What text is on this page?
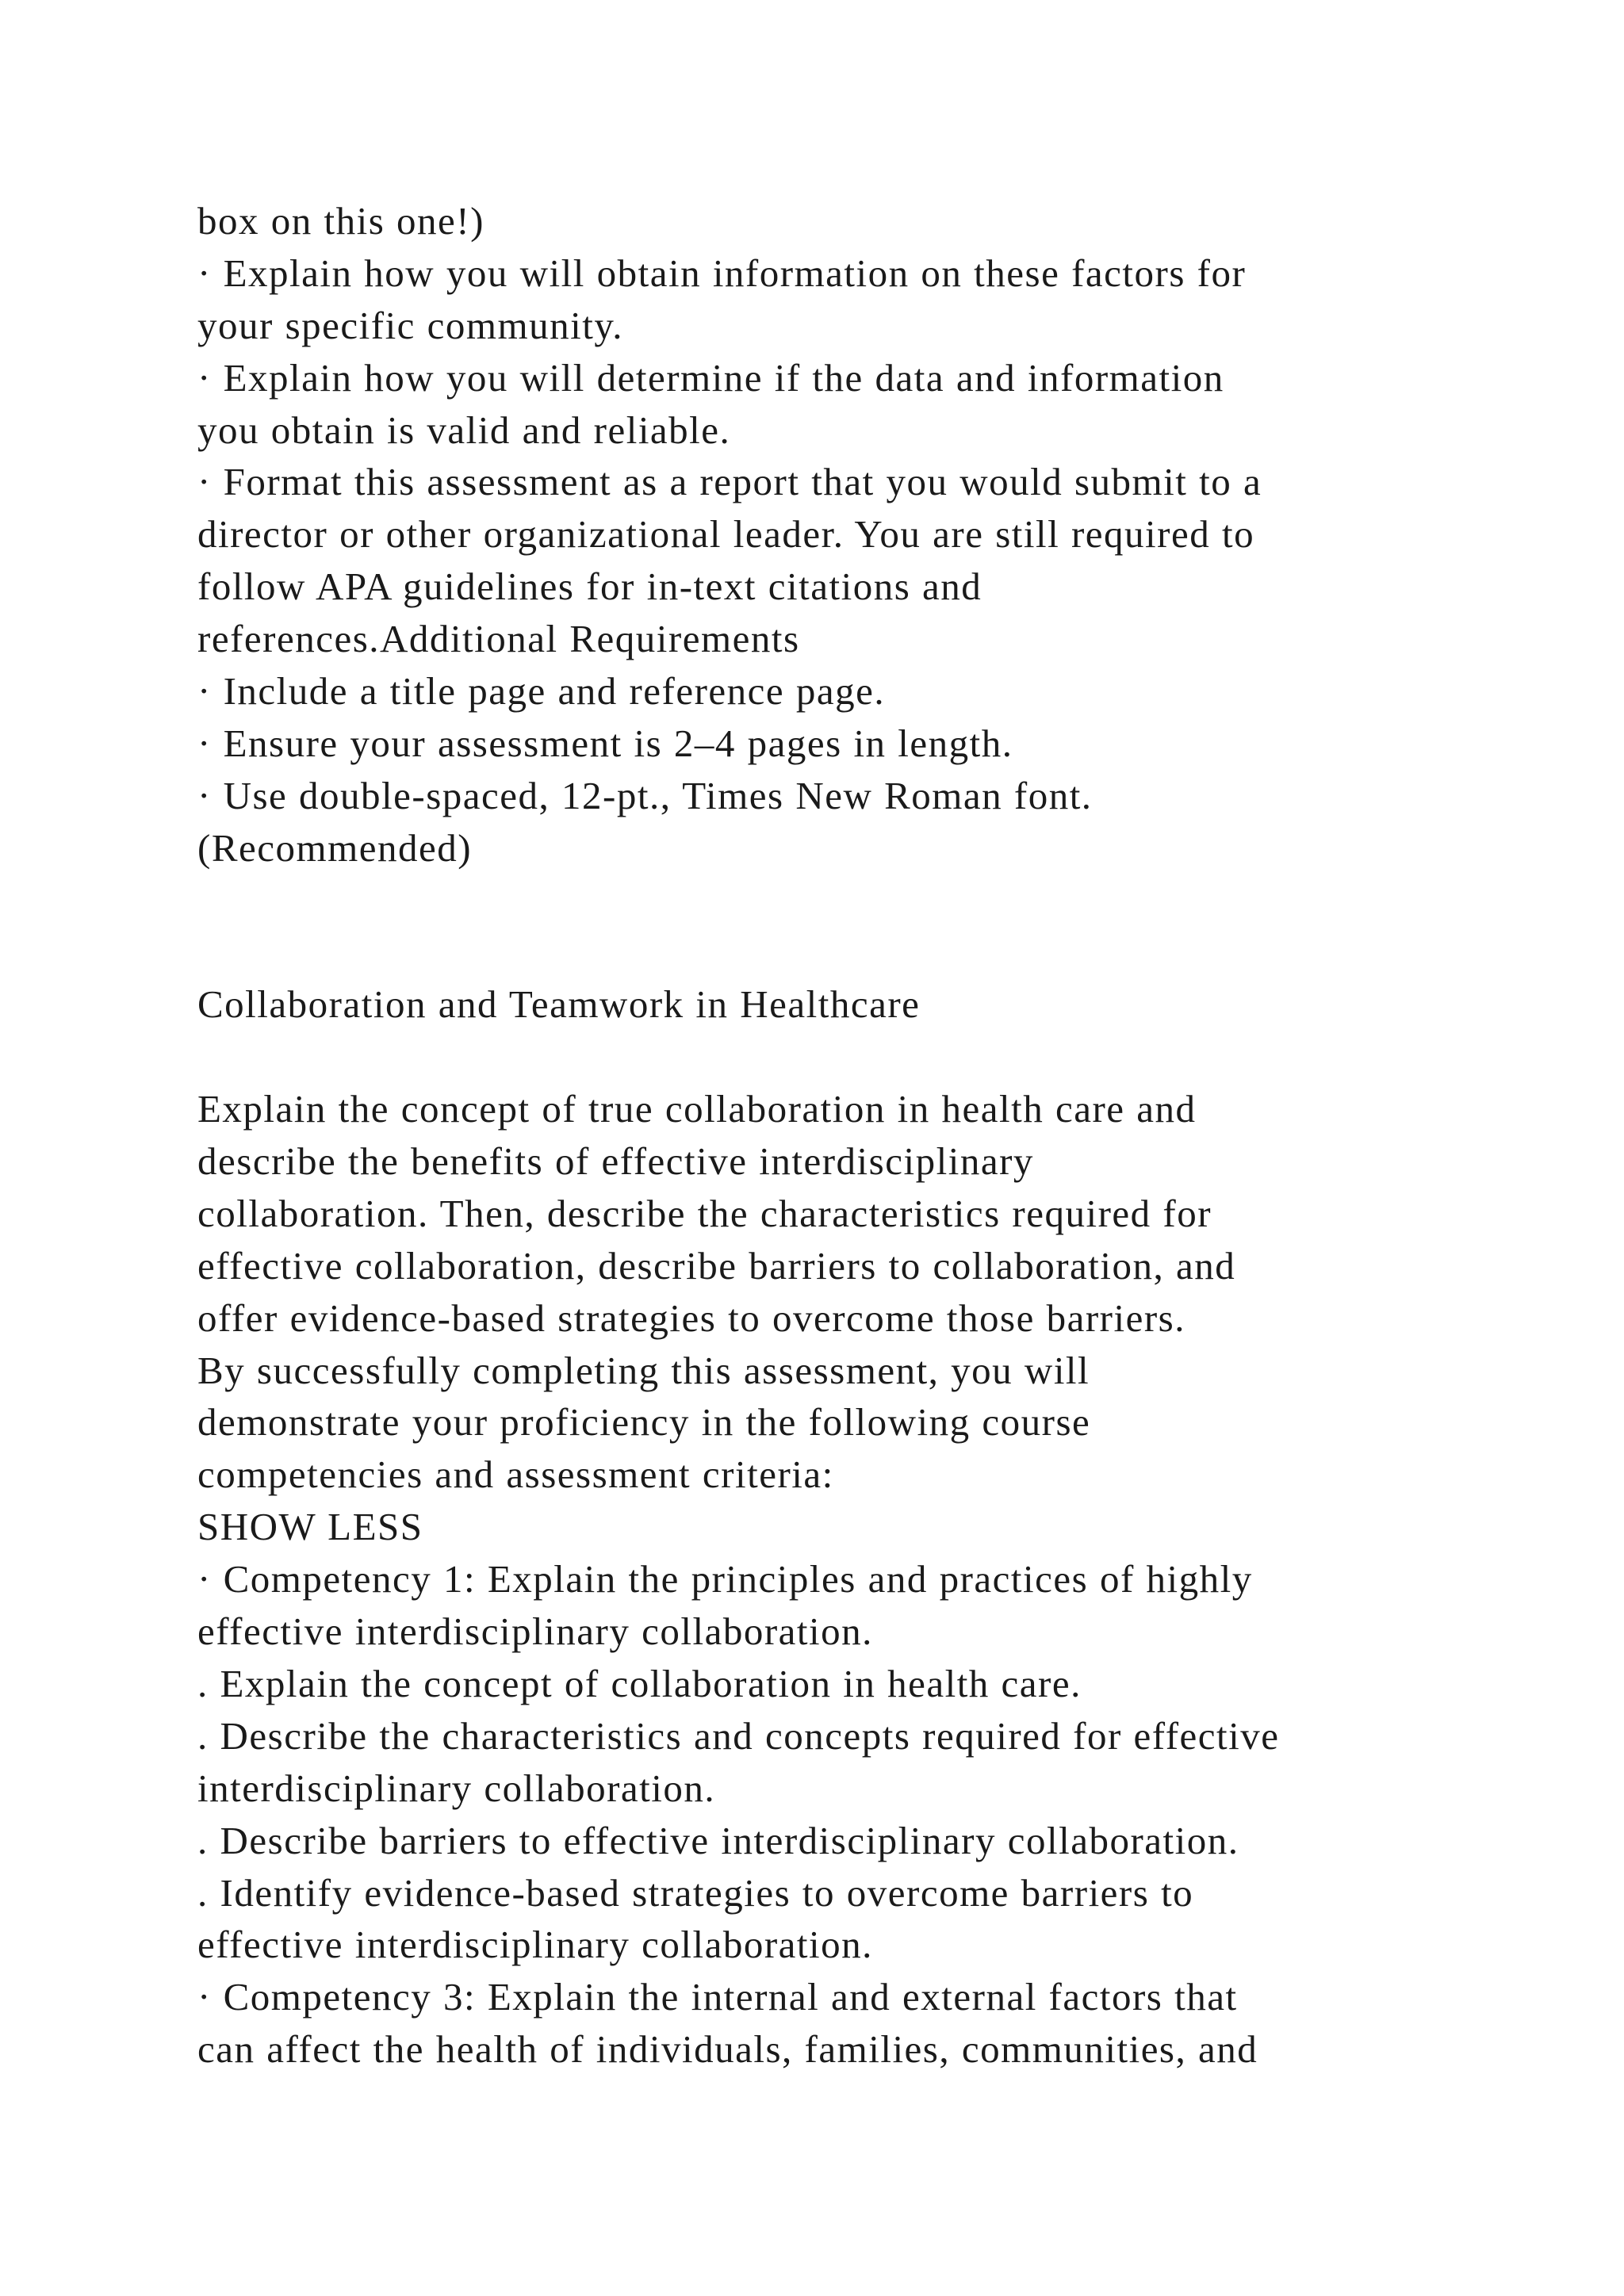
box on this one!)
· Explain how you will obtain information on these factors for
your specific community.
· Explain how you will determine if the data and information
you obtain is valid and reliable.
· Format this assessment as a report that you would submit to a
director or other organizational leader. You are still required to
follow APA guidelines for in-text citations and
references.Additional Requirements
· Include a title page and reference page.
· Ensure your assessment is 2–4 pages in length.
· Use double-spaced, 12-pt., Times New Roman font.
(Recommended)
Collaboration and Teamwork in Healthcare
Explain the concept of true collaboration in health care and
describe the benefits of effective interdisciplinary
collaboration. Then, describe the characteristics required for
effective collaboration, describe barriers to collaboration, and
offer evidence-based strategies to overcome those barriers.
By successfully completing this assessment, you will
demonstrate your proficiency in the following course
competencies and assessment criteria:
SHOW LESS
· Competency 1: Explain the principles and practices of highly
effective interdisciplinary collaboration.
. Explain the concept of collaboration in health care.
. Describe the characteristics and concepts required for effective
interdisciplinary collaboration.
. Describe barriers to effective interdisciplinary collaboration.
. Identify evidence-based strategies to overcome barriers to
effective interdisciplinary collaboration.
· Competency 3: Explain the internal and external factors that
can affect the health of individuals, families, communities, and
